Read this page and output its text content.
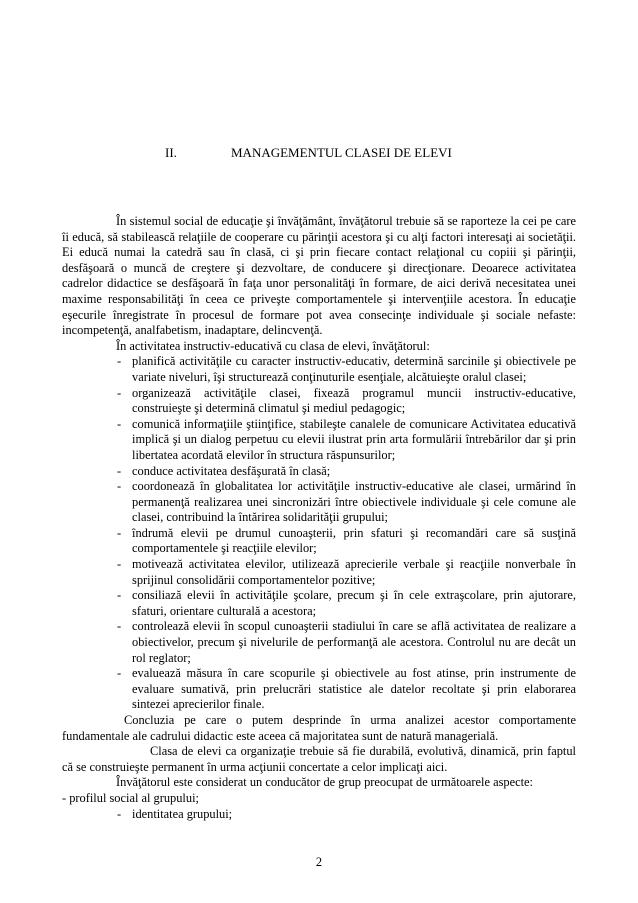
II.	MANAGEMENTUL CLASEI DE ELEVI

În sistemul social de educaţie şi învăţământ, învăţătorul trebuie să se raporteze la cei pe care îi educă, să stabilească relaţiile de cooperare cu părinţii acestora şi cu alţi factori interesaţi ai societăţii. Ei educă numai la catedră sau în clasă, ci şi prin fiecare contact relaţional cu copiii şi părinţii, desfăşoară o muncă de creştere şi dezvoltare, de conducere şi direcţionare. Deoarece activitatea cadrelor didactice se desfăşoară în faţa unor personalităţi în formare, de aici derivă necesitatea unei maxime responsabilităţi în ceea ce priveşte comportamentele şi intervenţiile acestora. În educaţie eşecurile înregistrate în procesul de formare pot avea consecinţe individuale şi sociale nefaste: incompetenţă, analfabetism, inadaptare, delincvenţă.

În activitatea instructiv-educativă cu clasa de elevi, învăţătorul:

- planifică activităţile cu caracter instructiv-educativ, determină sarcinile şi obiectivele pe variate niveluri, îşi structurează conţinuturile esenţiale, alcătuieşte oralul clasei;

- organizează activităţile clasei, fixează programul muncii instructiv-educative, construieşte şi determină climatul şi mediul pedagogic;

- comunică informaţiile ştiinţifice, stabileşte canalele de comunicare Activitatea educativă implică şi un dialog perpetuu cu elevii ilustrat prin arta formulării întrebărilor dar şi prin libertatea acordată elevilor în structura răspunsurilor;

- conduce activitatea desfăşurată în clasă;

- coordonează în globalitatea lor activităţile instructiv-educative ale clasei, urmărind în permanenţă realizarea unei sincronizări între obiectivele individuale şi cele comune ale clasei, contribuind la întărirea solidarităţii grupului;

- îndrumă elevii pe drumul cunoaşterii, prin sfaturi şi recomandări care să susţină comportamentele şi reacţiile elevilor;

- motivează activitatea elevilor, utilizează aprecierile verbale şi reacţiile nonverbale în sprijinul consolidării comportamentelor pozitive;

- consiliază elevii în activităţile şcolare, precum şi în cele extraşcolare, prin ajutorare, sfaturi, orientare culturală a acestora;

- controlează elevii în scopul cunoaşterii stadiului în care se află activitatea de realizare a obiectivelor, precum şi nivelurile de performanţă ale acestora. Controlul nu are decât un rol reglator;

- evaluează măsura în care scopurile şi obiectivele au fost atinse, prin instrumente de evaluare sumativă, prin prelucrări statistice ale datelor recoltate şi prin elaborarea sintezei aprecierilor finale.

Concluzia pe care o putem desprinde în urma analizei acestor comportamente fundamentale ale cadrului didactic este aceea că majoritatea sunt de natură managerială.

Clasa de elevi ca organizaţie trebuie să fie durabilă, evolutivă, dinamică, prin faptul că se construieşte permanent în urma acţiunii concertate a celor implicaţi aici.

Învăţătorul este considerat un conducător de grup preocupat de următoarele aspecte:

- profilul social al grupului;

- identitatea grupului;

2
